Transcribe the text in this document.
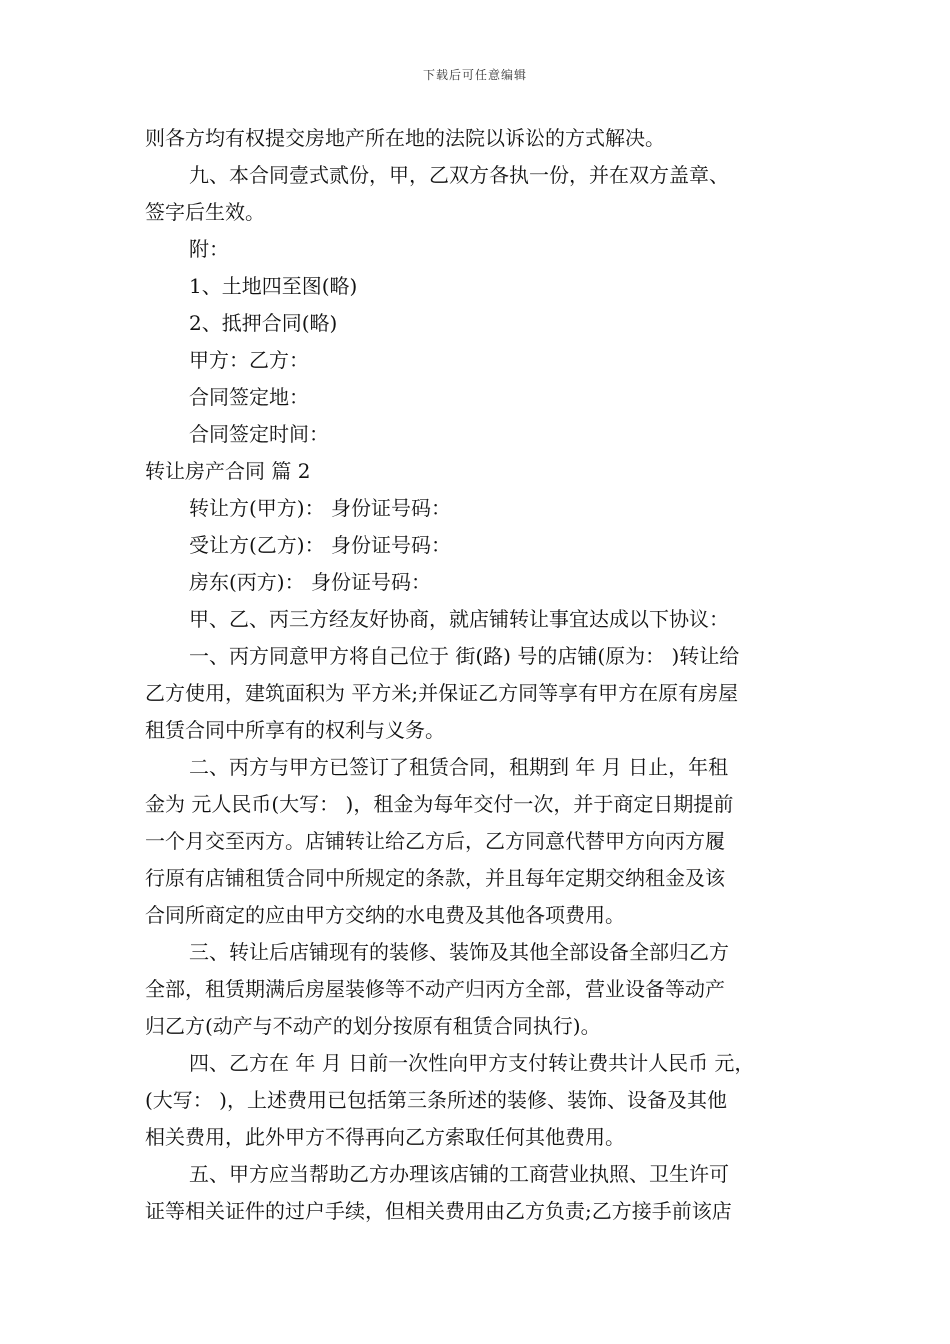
下载后可任意编辑
则各方均有权提交房地产所在地的法院以诉讼的方式解决。
九、本合同壹式贰份，甲，乙双方各执一份，并在双方盖章、
签字后生效。
附：
1、土地四至图(略)
2、抵押合同(略)
甲方：乙方：
合同签定地：
合同签定时间：
转让房产合同 篇 2
转让方(甲方)： 身份证号码：
受让方(乙方)： 身份证号码：
房东(丙方)： 身份证号码：
甲、乙、丙三方经友好协商，就店铺转让事宜达成以下协议：
一、丙方同意甲方将自己位于 街(路) 号的店铺(原为： )转让给
乙方使用，建筑面积为 平方米;并保证乙方同等享有甲方在原有房屋
租赁合同中所享有的权利与义务。
二、丙方与甲方已签订了租赁合同，租期到 年 月 日止，年租
金为 元人民币(大写： )，租金为每年交付一次，并于商定日期提前
一个月交至丙方。店铺转让给乙方后，乙方同意代替甲方向丙方履
行原有店铺租赁合同中所规定的条款，并且每年定期交纳租金及该
合同所商定的应由甲方交纳的水电费及其他各项费用。
三、转让后店铺现有的装修、装饰及其他全部设备全部归乙方
全部，租赁期满后房屋装修等不动产归丙方全部，营业设备等动产
归乙方(动产与不动产的划分按原有租赁合同执行)。
四、乙方在 年 月 日前一次性向甲方支付转让费共计人民币 元，
(大写： )，上述费用已包括第三条所述的装修、装饰、设备及其他
相关费用，此外甲方不得再向乙方索取任何其他费用。
五、甲方应当帮助乙方办理该店铺的工商营业执照、卫生许可
证等相关证件的过户手续，但相关费用由乙方负责;乙方接手前该店
